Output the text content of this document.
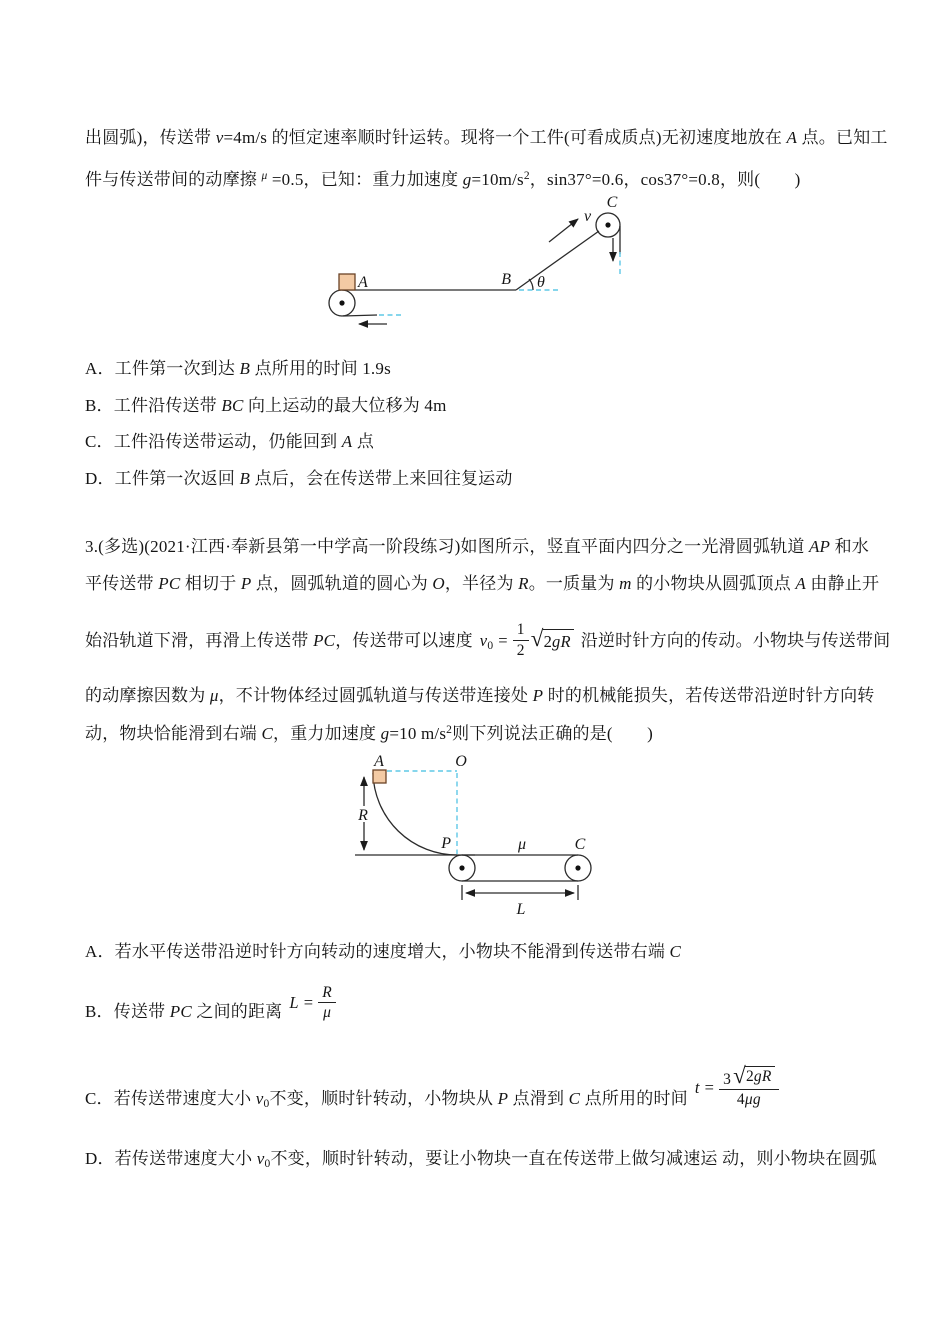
出圆弧)，传送带 v=4m/s 的恒定速率顺时针运转。现将一个工件(可看成质点)无初速度地放在 A 点。已知工
件与传送带间的动摩擦 $^\mu$ =0.5，已知：重力加速度 $g=10m/s^2$，sin37°=0.6，cos37°=0.8，则(　　)
A	B
C
θ
v
A．工件第一次到达 B 点所用的时间 1.9s
B．工件沿传送带 BC 向上运动的最大位移为 4m
C．工件沿传送带运动，仍能回到 A 点
D．工件第一次返回 B 点后，会在传送带上来回往复运动
3.(多选)(2021·江西·奉新县第一中学高一阶段练习)如图所示，竖直平面内四分之一光滑圆弧轨道 AP 和水
平传送带 PC 相切于 P 点，圆弧轨道的圆心为 O，半径为 R。一质量为 m 的小物块从圆弧顶点 A 由静止开
始沿轨道下滑，再滑上传送带 PC，传送带可以速度 $v_0 = \frac{1}{2}$ √ 2gR 沿逆时针方向的传动。小物块与传送带间
的动摩擦因数为 μ，不计物体经过圆弧轨道与传送带连接处 P 时的机械能损失，若传送带沿逆时针方向转
动，物块恰能滑到右端 C，重力加速度 g=10 $m/s^2$则下列说法正确的是(　　)
R
A	O
P	μ	C
L
A．若水平传送带沿逆时针方向转动的速度增大，小物块不能滑到传送带右端 C
B．传送带 PC 之间的距离 $L = \frac{R}{\mu}$
C．若传送带速度大小 $v_0$不变，顺时针转动，小物块从 P 点滑到 C 点所用的时间
$t = \frac{3 √ 2gR}{4 \mu g}$
D．若传送带速度大小 $v_0$不变，顺时针转动，要让小物块一直在传送带上做匀减速运 动，则小物块在圆弧
